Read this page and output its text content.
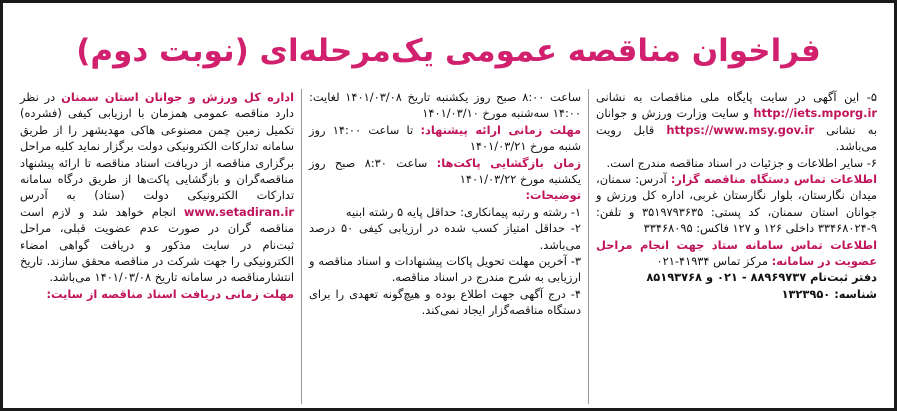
فراخوان مناقصه عمومی یک‌مرحله‌ای (نوبت دوم)

اداره کل ورزش و جوانان استان سمنان در نظر دارد مناقصه عمومی همزمان با ارزیابی کیفی (فشرده) تکمیل زمین چمن مصنوعی هاکی مهدیشهر را از طریق سامانه تدارکات الکترونیکی دولت برگزار نماید کلیه مراحل برگزاری مناقصه از دریافت اسناد مناقصه تا ارائه پیشنهاد مناقصه‌گران و بازگشایی پاکت‌ها از طریق درگاه سامانه تدارکات الکترونیکی دولت (ستاد) به آدرس www.setadiran.ir انجام خواهد شد و لازم است مناقصه گران در صورت عدم عضویت قبلی، مراحل ثبت‌نام در سایت مذکور و دریافت گواهی امضاء الکترونیکی را جهت شرکت در مناقصه محقق سازند. تاریخ انتشارمناقصه در سامانه تاریخ ۱۴۰۱/۰۳/۰۸ می‌باشد.

مهلت زمانی دریافت اسناد مناقصه از سایت:

ساعت ۸:۰۰ صبح روز یکشنبه تاریخ ۱۴۰۱/۰۳/۰۸ لغایت: ۱۴:۰۰ سه‌شنبه مورخ ۱۴۰۱/۰۳/۱۰

مهلت زمانی ارائه پیشنهاد: تا ساعت ۱۴:۰۰ روز شنبه مورخ ۱۴۰۱/۰۳/۲۱

زمان بازگشایی پاکت‌ها: ساعت ۸:۳۰ صبح روز یکشنبه مورخ ۱۴۰۱/۰۳/۲۲

توضیحات:

۱- رشته و رتبه پیمانکاری: حداقل پایه ۵ رشته ابنیه

۲- حداقل امتیاز کسب شده در ارزیابی کیفی ۵۰ درصد می‌باشد.

۳- آخرین مهلت تحویل پاکات پیشنهادات و اسناد مناقصه و ارزیابی به شرح مندرج در اسناد مناقصه.

۴- درج آگهی جهت اطلاع بوده و هیچ‌گونه تعهدی را برای دستگاه مناقصه‌گزار ایجاد نمی‌کند.

۵- این آگهی در سایت پایگاه ملی مناقصات به نشانی http://iets.mporg.ir و سایت وزارت ورزش و جوانان به نشانی https://www.msy.gov.ir قابل رویت می‌باشد.

۶- سایر اطلاعات و جزئیات در اسناد مناقصه مندرج است.

اطلاعات تماس دستگاه مناقصه گزار: آدرس: سمنان، میدان نگارستان، بلوار نگارستان غربی، اداره کل ورزش و جوانان استان سمنان، کد پستی: ۳۵۱۹۷۹۳۶۳۵ و تلفن: ۹-۳۳۴۶۸۰۲۴ داخلی ۱۲۶ و ۱۲۷ فاکس: ۳۳۴۶۸۰۹۵

اطلاعات تماس سامانه ستاد جهت انجام مراحل عضویت در سامانه: مرکز تماس ۴۱۹۳۴-۰۲۱

دفتر ثبت‌نام ۸۸۹۶۹۷۳۷ - ۰۲۱ و ۸۵۱۹۳۷۶۸

شناسه: ۱۳۲۳۹۵۰
